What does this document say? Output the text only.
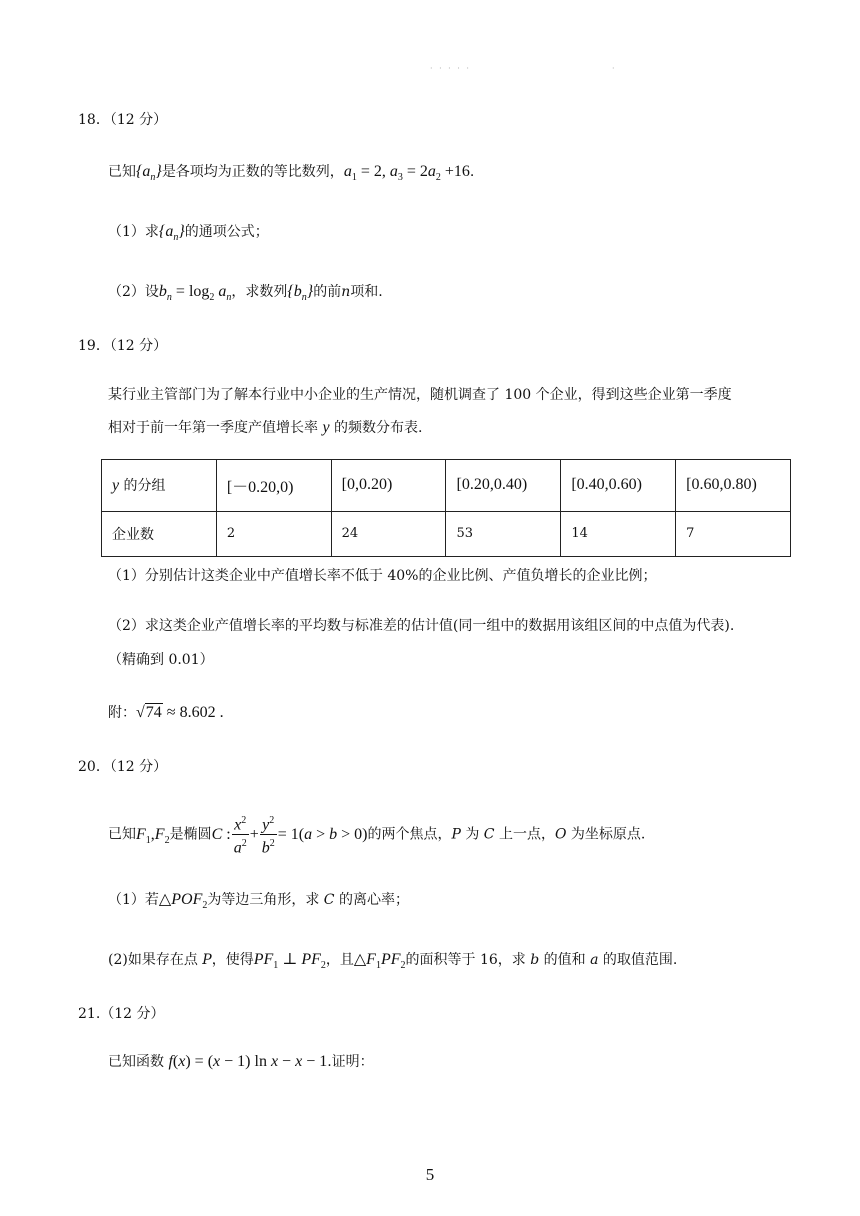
· · · · ·	·
18．（12 分）
已知$\{a_n\}$是各项均为正数的等比数列，$a_1 = 2$, $a_3 = 2a_2 +16$.
（1）求$\{a_n\}$的通项公式；
（2）设$b_n = \log_2 a_n$，求数列$\{b_n\}$的前n项和.
19．（12 分）
某行业主管部门为了解本行业中小企业的生产情况，随机调查了 100 个企业，得到这些企业第一季度
相对于前一年第一季度产值增长率 y 的频数分布表.
y 的分组	[－0.20,0)	[0,0.20)	[0.20,0.40)	[0.40,0.60)	[0.60,0.80)
企业数	2	24	53	14	7
（1）分别估计这类企业中产值增长率不低于 40%的企业比例、产值负增长的企业比例；
（2）求这类企业产值增长率的平均数与标准差的估计值(同一组中的数据用该组区间的中点值为代表).
（精确到 0.01）
附：√74 ≈ 8.602 .
20．（12 分）
已知$F_1,F_2$是椭圆C : $\frac{x^2}{a^2} + \frac{y^2}{b^2} = 1(a > b > 0)$的两个焦点，P 为 C 上一点，O 为坐标原点.
（1）若$\triangle POF_2$为等边三角形，求 C 的离心率；
(2)如果存在点 P，使得$PF_1$ ⊥ $PF_2$，且$\triangle F_1PF_2$的面积等于 16，求 b 的值和 a 的取值范围.
21.（12 分）
已知函数 f(x) = (x − 1) ln x − x − 1.证明：
5
